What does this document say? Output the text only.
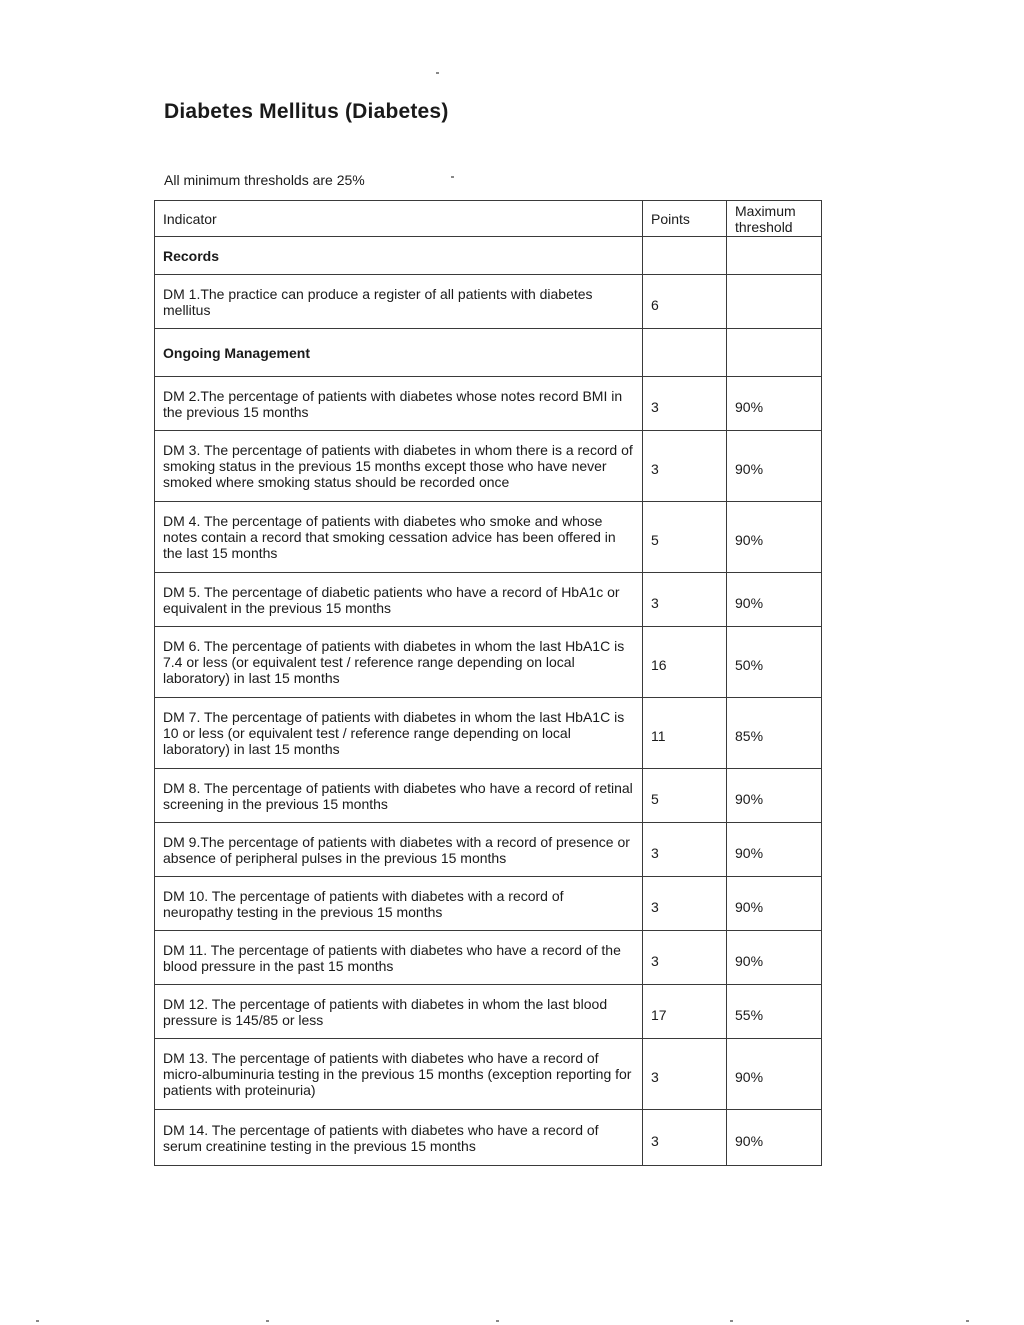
Diabetes Mellitus (Diabetes)
All minimum thresholds are 25%
Indicator	Points	Maximum threshold
Records		
DM 1.The practice can produce a register of all patients with diabetes mellitus	6	
Ongoing Management		
DM 2.The percentage of patients with diabetes whose notes record BMI in the previous 15 months	3	90%
DM 3. The percentage of patients with diabetes in whom there is a record of smoking status in the previous 15 months except those who have never smoked where smoking status should be recorded once	3	90%
DM 4. The percentage of patients with diabetes who smoke and whose notes contain a record that smoking cessation advice has been offered in the last 15 months	5	90%
DM 5. The percentage of diabetic patients who have a record of HbA1c or equivalent in the previous 15 months	3	90%
DM 6. The percentage of patients with diabetes in whom the last HbA1C is 7.4 or less (or equivalent test / reference range depending on local laboratory) in last 15 months	16	50%
DM 7. The percentage of patients with diabetes in whom the last HbA1C is 10 or less (or equivalent test / reference range depending on local laboratory) in last 15 months	11	85%
DM 8. The percentage of patients with diabetes who have a record of retinal screening in the previous 15 months	5	90%
DM 9.The percentage of patients with diabetes with a record of presence or absence of peripheral pulses in the previous 15 months	3	90%
DM 10. The percentage of patients with diabetes with a record of neuropathy testing in the previous 15 months	3	90%
DM 11. The percentage of patients with diabetes who have a record of the blood pressure in the past 15 months	3	90%
DM 12. The percentage of patients with diabetes in whom the last blood pressure is 145/85 or less	17	55%
DM 13. The percentage of patients with diabetes who have a record of micro-albuminuria testing in the previous 15 months (exception reporting for patients with proteinuria)	3	90%
DM 14. The percentage of patients with diabetes who have a record of serum creatinine testing in the previous 15 months	3	90%
